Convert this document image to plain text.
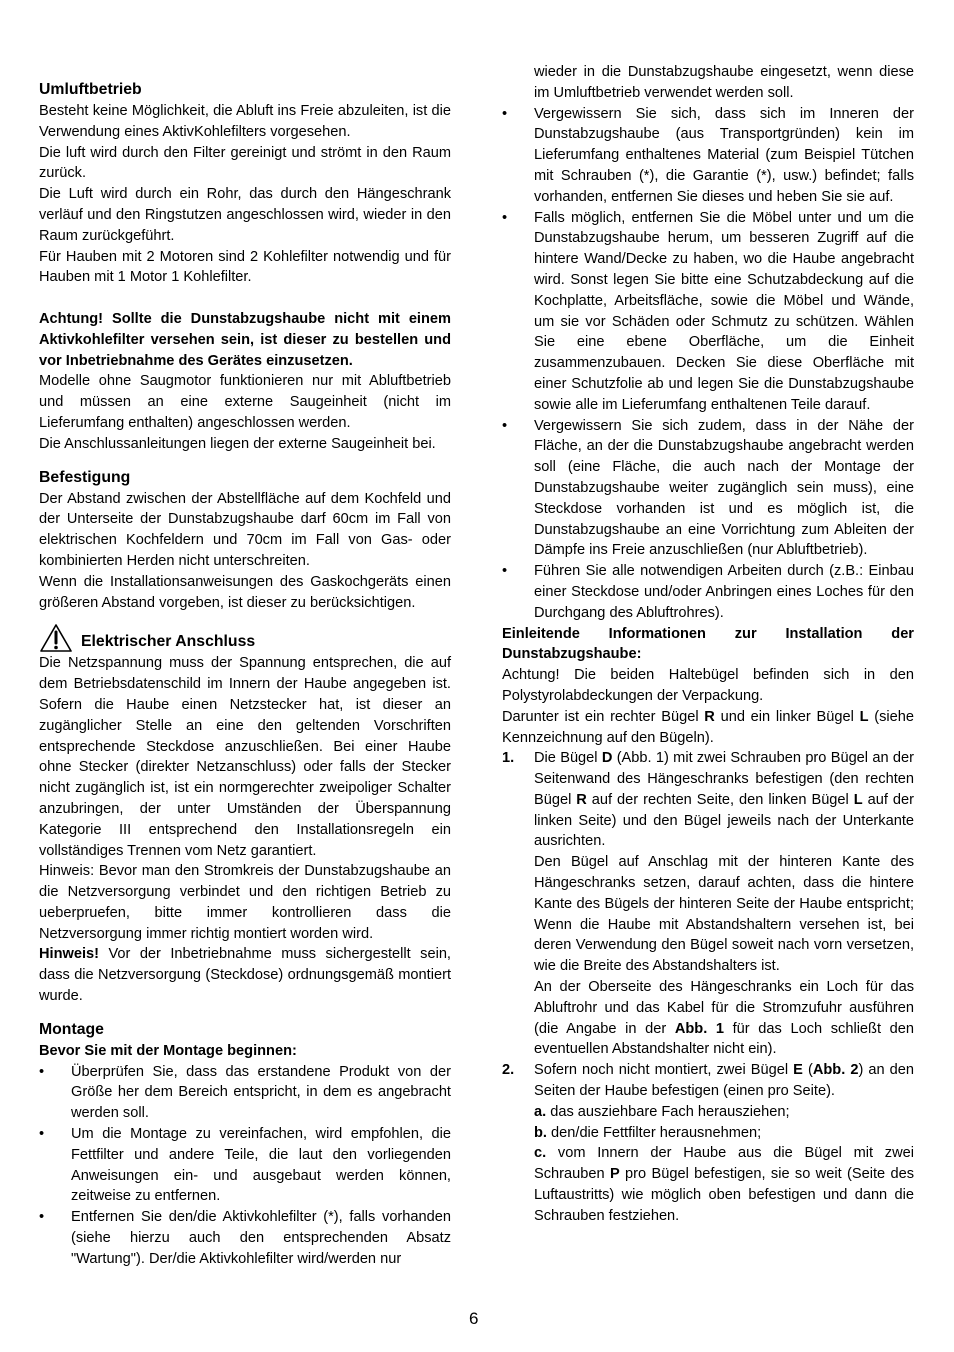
Umluftbetrieb

Besteht keine Möglichkeit, die Abluft ins Freie abzuleiten, ist die Verwendung eines AktivKohlefilters vorgesehen.

Die luft wird durch den Filter gereinigt und strömt in den Raum zurück.

Die Luft wird durch ein Rohr, das durch den Hängeschrank verläuf und den Ringstutzen angeschlossen wird, wieder in den Raum zurückgeführt.

Für Hauben mit 2 Motoren sind 2 Kohlefilter notwendig und für Hauben mit 1 Motor 1 Kohlefilter.

Achtung! Sollte die Dunstabzugshaube nicht mit einem Aktivkohlefilter versehen sein, ist dieser zu bestellen und vor Inbetriebnahme des Gerätes einzusetzen.

Modelle ohne Saugmotor funktionieren nur mit Abluftbetrieb und müssen an eine externe Saugeinheit (nicht im Lieferumfang enthalten) angeschlossen werden.

Die Anschlussanleitungen liegen der externe Saugeinheit bei.

Befestigung

Der Abstand zwischen der Abstellfläche auf dem Kochfeld und der Unterseite der Dunstabzugshaube darf 60cm im Fall von elektrischen Kochfeldern und 70cm im Fall von Gas- oder kombinierten Herden nicht unterschreiten.

Wenn die Installationsanweisungen des Gaskochgeräts einen größeren Abstand vorgeben, ist dieser zu berücksichtigen.

Elektrischer Anschluss

Die Netzspannung muss der Spannung entsprechen, die auf dem Betriebsdatenschild im Innern der Haube angegeben ist. Sofern die Haube einen Netzstecker hat, ist dieser an zugänglicher Stelle an eine den geltenden Vorschriften entsprechende Steckdose anzuschließen. Bei einer Haube ohne Stecker (direkter Netzanschluss) oder falls der Stecker nicht zugänglich ist, ist ein normgerechter zweipoliger Schalter anzubringen, der unter Umständen der Überspannung Kategorie III entsprechend den Installationsregeln ein vollständiges Trennen vom Netz garantiert.

Hinweis: Bevor man den Stromkreis der Dunstabzugshaube an die Netzversorgung verbindet und den richtigen Betrieb zu ueberpruefen, bitte immer kontrollieren dass die Netzversorgung immer richtig montiert worden wird.

Hinweis! Vor der Inbetriebnahme muss sichergestellt sein, dass die Netzversorgung (Steckdose) ordnungsgemäß montiert wurde.

Montage

Bevor Sie mit der Montage beginnen:

•	Überprüfen Sie, dass das erstandene Produkt von der Größe her dem Bereich entspricht, in dem es angebracht werden soll.
•	Um die Montage zu vereinfachen, wird empfohlen, die Fettfilter und andere Teile, die laut den vorliegenden Anweisungen ein- und ausgebaut werden können, zeitweise zu entfernen.
•	Entfernen Sie den/die Aktivkohlefilter (*), falls vorhanden (siehe hierzu auch den entsprechenden Absatz "Wartung"). Der/die Aktivkohlefilter wird/werden nur
wieder in die Dunstabzugshaube eingesetzt, wenn diese im Umluftbetrieb verwendet werden soll.
•	Vergewissern Sie sich, dass sich im Inneren der Dunstabzugshaube (aus Transportgründen) kein im Lieferumfang enthaltenes Material (zum Beispiel Tütchen mit Schrauben (*), die Garantie (*), usw.) befindet; falls vorhanden, entfernen Sie dieses und heben Sie sie auf.
•	Falls möglich, entfernen Sie die Möbel unter und um die Dunstabzugshaube herum, um besseren Zugriff auf die hintere Wand/Decke zu haben, wo die Haube angebracht wird. Sonst legen Sie bitte eine Schutzabdeckung auf die Kochplatte, Arbeitsfläche, sowie die Möbel und Wände, um sie vor Schäden oder Schmutz zu schützen. Wählen Sie eine ebene Oberfläche, um die Einheit zusammenzubauen. Decken Sie diese Oberfläche mit einer Schutzfolie ab und legen Sie die Dunstabzugshaube sowie alle im Lieferumfang enthaltenen Teile darauf.
•	Vergewissern Sie sich zudem, dass in der Nähe der Fläche, an der die Dunstabzugshaube angebracht werden soll (eine Fläche, die auch nach der Montage der Dunstabzugshaube weiter zugänglich sein muss), eine Steckdose vorhanden ist und es möglich ist, die Dunstabzugshaube an eine Vorrichtung zum Ableiten der Dämpfe ins Freie anzuschließen (nur Abluftbetrieb).
•	Führen Sie alle notwendigen Arbeiten durch (z.B.: Einbau einer Steckdose und/oder Anbringen eines Loches für den Durchgang des Abluftrohres).

Einleitende Informationen zur Installation der Dunstabzugshaube:

Achtung! Die beiden Haltebügel befinden sich in den Polystyrolabdeckungen der Verpackung.

Darunter ist ein rechter Bügel R und ein linker Bügel L (siehe Kennzeichnung auf den Bügeln).

1.	Die Bügel D (Abb. 1) mit zwei Schrauben pro Bügel an der Seitenwand des Hängeschranks befestigen (den rechten Bügel R auf der rechten Seite, den linken Bügel L auf der linken Seite) und den Bügel jeweils nach der Unterkante ausrichten.
Den Bügel auf Anschlag mit der hinteren Kante des Hängeschranks setzen, darauf achten, dass die hintere Kante des Bügels der hinteren Seite der Haube entspricht; Wenn die Haube mit Abstandshaltern versehen ist, bei deren Verwendung den Bügel soweit nach vorn versetzen, wie die Breite des Abstandshalters ist.
An der Oberseite des Hängeschranks ein Loch für das Abluftrohr und das Kabel für die Stromzufuhr ausführen (die Angabe in der Abb. 1 für das Loch schließt den eventuellen Abstandshalter nicht ein).
2.	Sofern noch nicht montiert, zwei Bügel E (Abb. 2) an den Seiten der Haube befestigen (einen pro Seite).
a. das ausziehbare Fach herausziehen;
b. den/die Fettfilter herausnehmen;
c. vom Innern der Haube aus die Bügel mit zwei Schrauben P pro Bügel befestigen, sie so weit (Seite des Luftaustritts) wie möglich oben befestigen und dann die Schrauben festziehen.
6
